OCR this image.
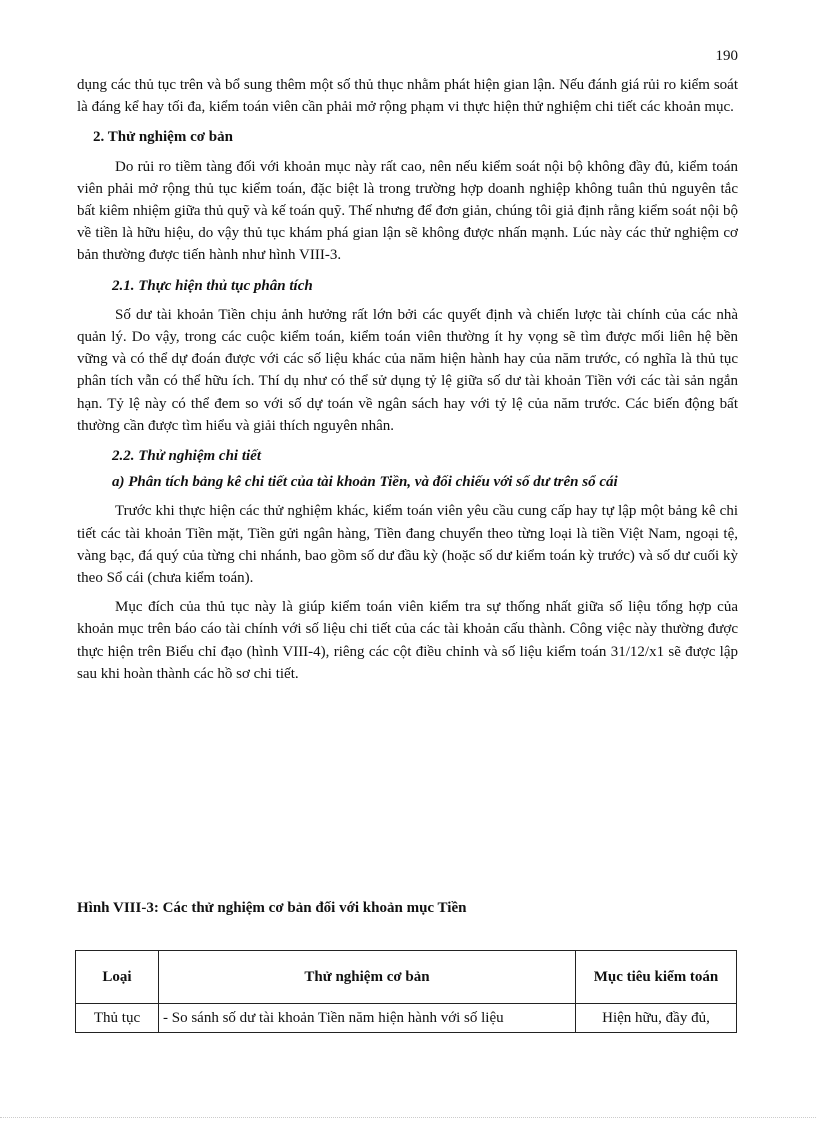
190

dụng các thủ tục trên và bổ sung thêm một số thủ thục nhằm phát hiện gian lận. Nếu đánh giá rủi ro kiểm soát là đáng kể hay tối đa, kiểm toán viên cần phải mở rộng phạm vi thực hiện thử nghiệm chi tiết các khoản mục.

2. Thử nghiệm cơ bản

Do rủi ro tiềm tàng đối với khoản mục này rất cao, nên nếu kiểm soát nội bộ không đầy đủ, kiểm toán viên phải mở rộng thủ tục kiểm toán, đặc biệt là trong trường hợp doanh nghiệp không tuân thủ nguyên tắc bất kiêm nhiệm giữa thủ quỹ và kế toán quỹ. Thế nhưng để đơn giản, chúng tôi giả định rằng kiểm soát nội bộ về tiền là hữu hiệu, do vậy thủ tục khám phá gian lận sẽ không được nhấn mạnh. Lúc này các thử nghiệm cơ bản thường được tiến hành như hình VIII-3.

2.1. Thực hiện thủ tục phân tích

Số dư tài khoản Tiền chịu ảnh hưởng rất lớn bởi các quyết định và chiến lược tài chính của các nhà quản lý. Do vậy, trong các cuộc kiểm toán, kiểm toán viên thường ít hy vọng sẽ tìm được mối liên hệ bền vững và có thể dự đoán được với các số liệu khác của năm hiện hành hay của năm trước, có nghĩa là thủ tục phân tích vẫn có thể hữu ích. Thí dụ như có thể sử dụng tỷ lệ giữa số dư tài khoản Tiền với các tài sản ngắn hạn. Tỷ lệ này có thể đem so với số dự toán về ngân sách hay với tỷ lệ của năm trước. Các biến động bất thường cần được tìm hiểu và giải thích nguyên nhân.

2.2. Thử nghiệm chi tiết

a) Phân tích bảng kê chi tiết của tài khoản Tiền, và đối chiếu với số dư trên sổ cái

Trước khi thực hiện các thử nghiệm khác, kiểm toán viên yêu cầu cung cấp hay tự lập một bảng kê chi tiết các tài khoản Tiền mặt, Tiền gửi ngân hàng, Tiền đang chuyển theo từng loại là tiền Việt Nam, ngoại tệ, vàng bạc, đá quý của từng chi nhánh, bao gồm số dư đầu kỳ (hoặc số dư kiểm toán kỳ trước) và số dư cuối kỳ theo Sổ cái (chưa kiểm toán).

Mục đích của thủ tục này là giúp kiểm toán viên kiểm tra sự thống nhất giữa số liệu tổng hợp của khoản mục trên báo cáo tài chính với số liệu chi tiết của các tài khoản cấu thành. Công việc này thường được thực hiện trên Biểu chỉ đạo (hình VIII-4), riêng các cột điều chỉnh và số liệu kiểm toán 31/12/x1 sẽ được lập sau khi hoàn thành các hồ sơ chi tiết.

Hình VIII-3: Các thử nghiệm cơ bản đối với khoản mục Tiền
Loại	Thử nghiệm cơ bản	Mục tiêu kiểm toán
Thủ tục	- So sánh số dư tài khoản Tiền năm hiện hành với số liệu	Hiện hữu, đầy đủ,
